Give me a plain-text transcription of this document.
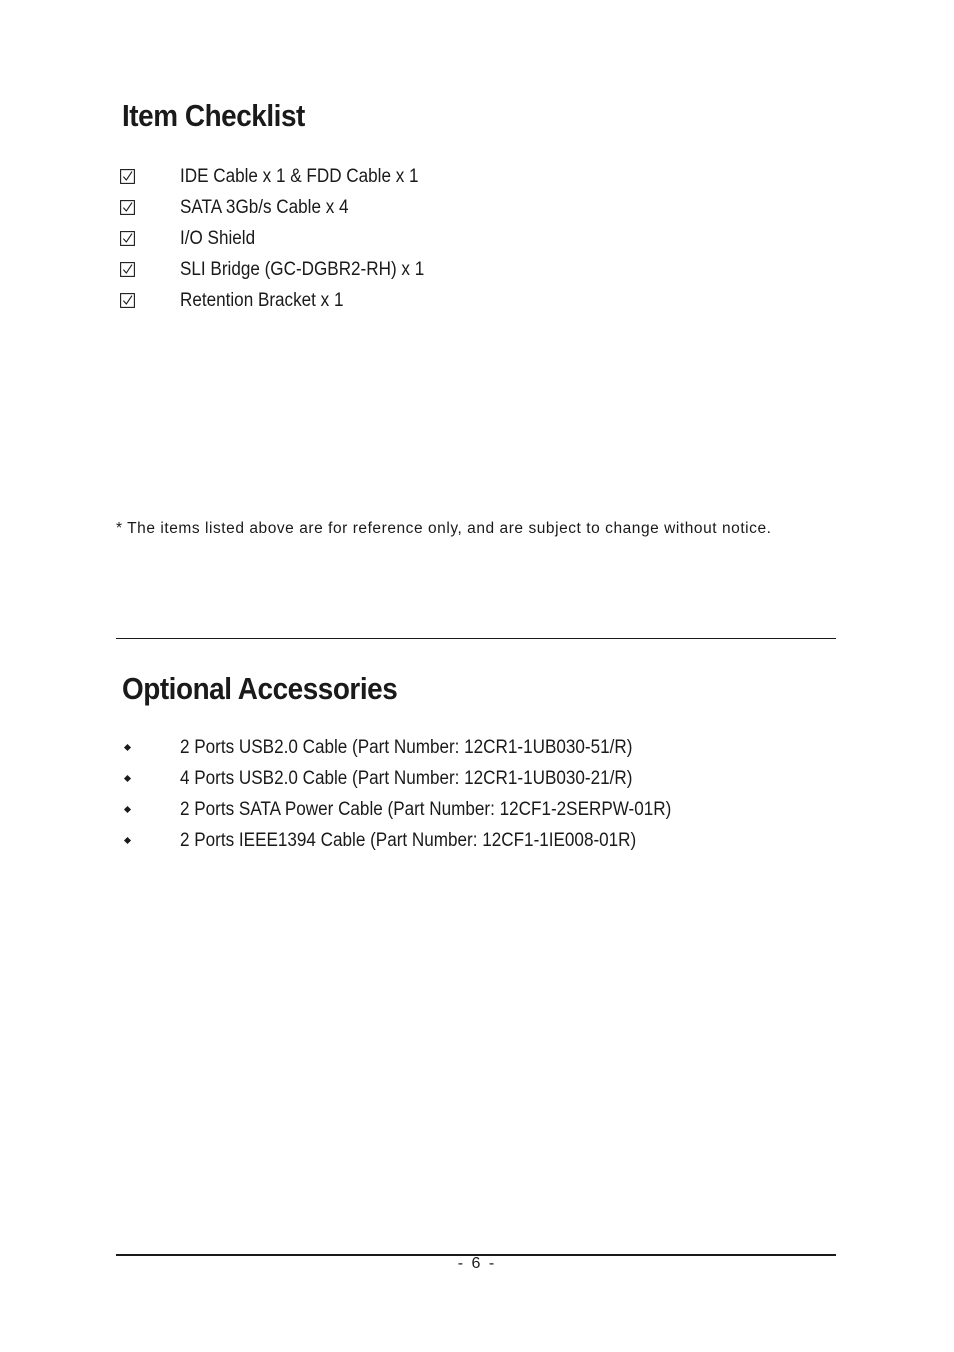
Item Checklist
IDE Cable x 1 & FDD Cable x 1
SATA 3Gb/s Cable x 4
I/O Shield
SLI Bridge (GC-DGBR2-RH) x 1
Retention Bracket x 1
* The items listed above are for reference only, and are subject to change without notice.
Optional Accessories
2 Ports USB2.0 Cable (Part Number: 12CR1-1UB030-51/R)
4 Ports USB2.0 Cable (Part Number: 12CR1-1UB030-21/R)
2 Ports SATA Power Cable (Part Number: 12CF1-2SERPW-01R)
2 Ports IEEE1394 Cable (Part Number: 12CF1-1IE008-01R)
- 6 -
